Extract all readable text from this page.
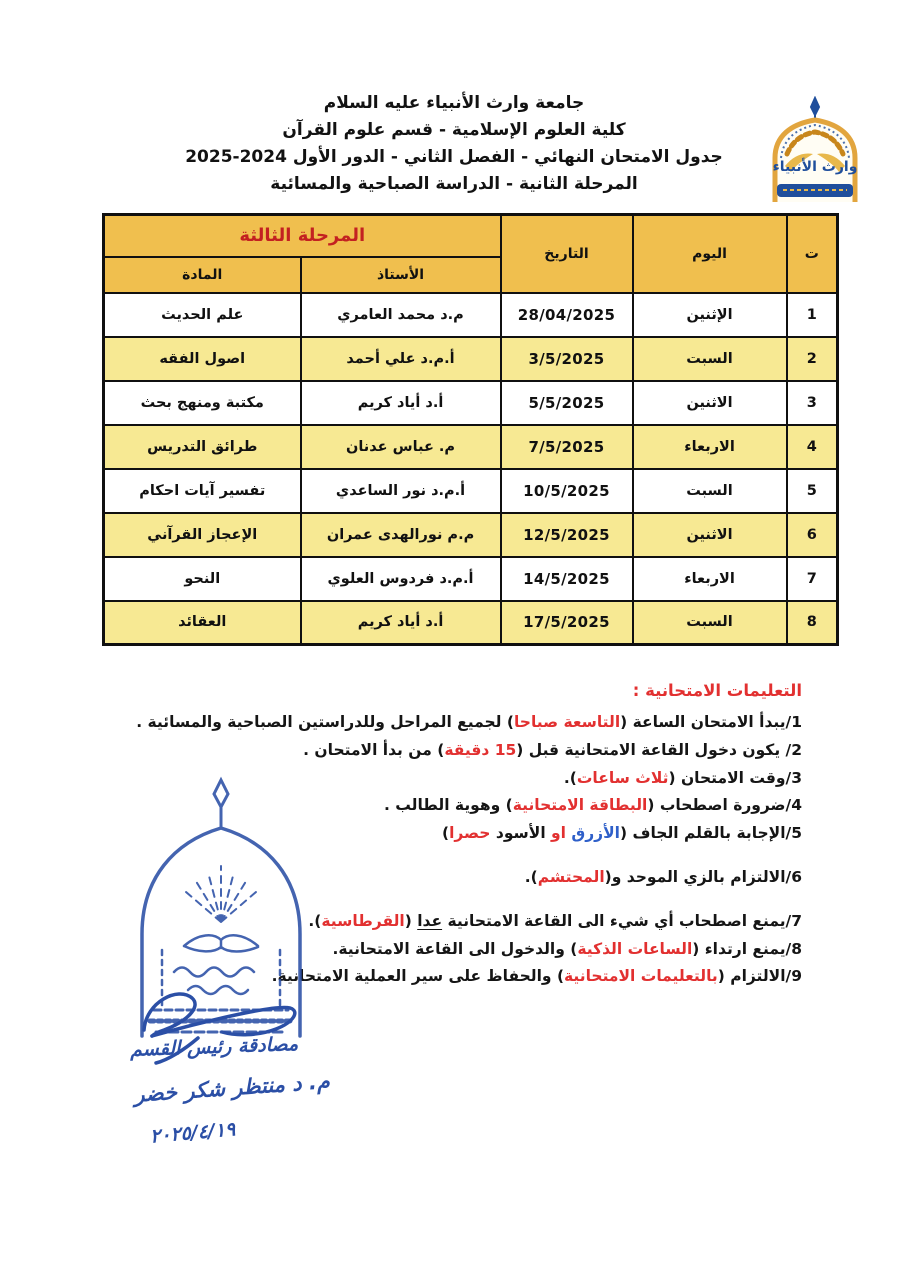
جامعة وارث الأنبياء عليه السلام
كلية العلوم الإسلامية - قسم علوم القرآن
جدول الامتحان النهائي - الفصل الثاني - الدور الأول 2024‏-‏2025
المرحلة الثانية - الدراسة الصباحية والمسائية
وارث الأنبياء
ت	اليوم	التاريخ	المرحلة الثالثة	
			الأستاذ	المادة
1	الإثنين	28/04/2025	م.د محمد العامري	علم الحديث
2	السبت	3/5/2025	أ.م.د علي أحمد	اصول الفقه
3	الاثنين	5/5/2025	أ.د أياد كريم	مكتبة ومنهج بحث
4	الاربعاء	7/5/2025	م. عباس عدنان	طرائق التدريس
5	السبت	10/5/2025	أ.م.د نور الساعدي	تفسير آيات احكام
6	الاثنين	12/5/2025	م.م نورالهدى عمران	الإعجاز القرآني
7	الاربعاء	14/5/2025	أ.م.د فردوس العلوي	النحو
8	السبت	17/5/2025	أ.د أياد كريم	العقائد
التعليمات الامتحانية :
1/يبدأ الامتحان الساعة (التاسعة صباحا) لجميع المراحل وللدراستين الصباحية والمسائية .
2/ يكون دخول القاعة الامتحانية قبل (15 دقيقة) من بدأ الامتحان .
3/وقت الامتحان (ثلاث ساعات).
4/ضرورة اصطحاب (البطاقة الامتحانية) وهوية الطالب .
5/الإجابة بالقلم الجاف (الأزرق او الأسود حصرا)
6/الالتزام بالزي الموحد و(المحتشم).
7/يمنع اصطحاب أي شيء الى القاعة الامتحانية عدا (القرطاسية).
8/يمنع ارتداء (الساعات الذكية) والدخول الى القاعة الامتحانية.
9/الالتزام (بالتعليمات الامتحانية) والحفاظ على سير العملية الامتحانية.
مصادقة رئيس القسم
م. د منتظر شكر خضر
٢٠٢٥/٤/١٩
